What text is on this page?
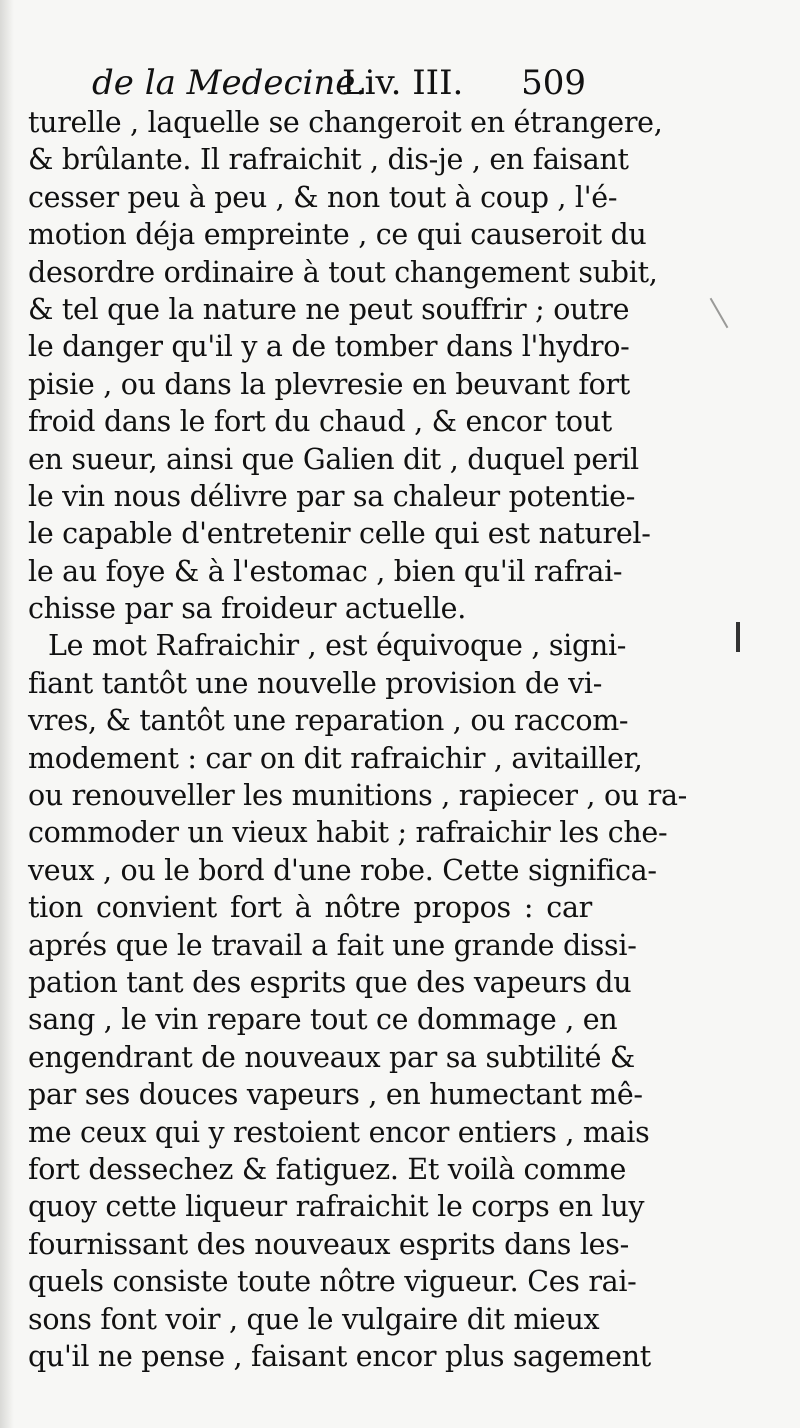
de la Medecine.
Liv. III. 509
turelle , laquelle se changeroit en étrangere,
& brûlante. Il rafraichit , dis-je , en faisant
cesser peu à peu , & non tout à coup , l'é-
motion déja empreinte , ce qui causeroit du
desordre ordinaire à tout changement subit,
& tel que la nature ne peut souffrir ; outre
le danger qu'il y a de tomber dans l'hydro-
pisie , ou dans la plevresie en beuvant fort
froid dans le fort du chaud , & encor tout
en sueur, ainsi que Galien dit , duquel peril
le vin nous délivre par sa chaleur potentie-
le capable d'entretenir celle qui est naturel-
le au foye & à l'estomac , bien qu'il rafrai-
chisse par sa froideur actuelle.
Le mot Rafraichir , est équivoque , signi-
fiant tantôt une nouvelle provision de vi-
vres, & tantôt une reparation , ou raccom-
modement : car on dit rafraichir , avitailler,
ou renouveller les munitions , rapiecer , ou ra-
commoder un vieux habit ; rafraichir les che-
veux , ou le bord d'une robe. Cette significa-
tion convient fort à nôtre propos : car
aprés que le travail a fait une grande dissi-
pation tant des esprits que des vapeurs du
sang , le vin repare tout ce dommage , en
engendrant de nouveaux par sa subtilité &
par ses douces vapeurs , en humectant mê-
me ceux qui y restoient encor entiers , mais
fort dessechez & fatiguez. Et voilà comme
quoy cette liqueur rafraichit le corps en luy
fournissant des nouveaux esprits dans les-
quels consiste toute nôtre vigueur. Ces rai-
sons font voir , que le vulgaire dit mieux
qu'il ne pense , faisant encor plus sagement
